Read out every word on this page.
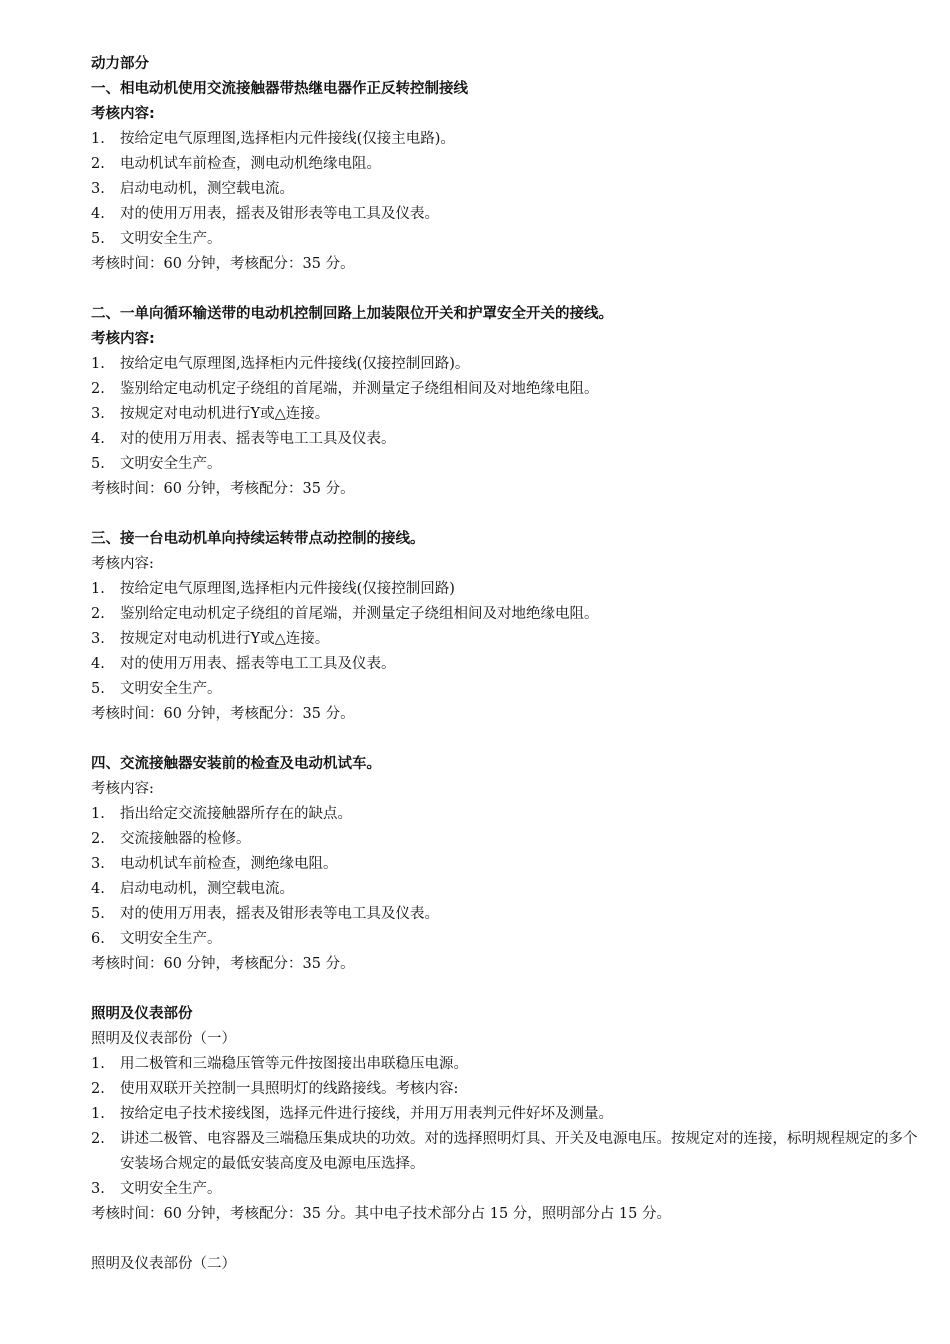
动力部分
一、相电动机使用交流接触器带热继电器作正反转控制接线
考核内容:
1.	按给定电气原理图,选择柜内元件接线(仅接主电路)。
2.	电动机试车前检查，测电动机绝缘电阻。
3.	启动电动机，测空载电流。
4.	对的使用万用表，摇表及钳形表等电工具及仪表。
5.	文明安全生产。
考核时间：60 分钟，考核配分：35 分。
二、一单向循环输送带的电动机控制回路上加装限位开关和护罩安全开关的接线。
考核内容:
1.	按给定电气原理图,选择柜内元件接线(仅接控制回路)。
2.	鉴别给定电动机定子绕组的首尾端，并测量定子绕组相间及对地绝缘电阻。
3.	按规定对电动机进行Y或△连接。
4.	对的使用万用表、摇表等电工工具及仪表。
5.	文明安全生产。
考核时间：60 分钟，考核配分：35 分。
三、接一台电动机单向持续运转带点动控制的接线。
考核内容:
1.	按给定电气原理图,选择柜内元件接线(仅接控制回路)
2.	鉴别给定电动机定子绕组的首尾端，并测量定子绕组相间及对地绝缘电阻。
3.	按规定对电动机进行Y或△连接。
4.	对的使用万用表、摇表等电工工具及仪表。
5.	文明安全生产。
考核时间：60 分钟，考核配分：35 分。
四、交流接触器安装前的检查及电动机试车。
考核内容:
1.	指出给定交流接触器所存在的缺点。
2.	交流接触器的检修。
3.	电动机试车前检查，测绝缘电阻。
4.	启动电动机，测空载电流。
5.	对的使用万用表，摇表及钳形表等电工具及仪表。
6.	文明安全生产。
考核时间：60 分钟，考核配分：35 分。
照明及仪表部份
照明及仪表部份（一）
1.	用二极管和三端稳压管等元件按图接出串联稳压电源。
2.	使用双联开关控制一具照明灯的线路接线。考核内容:
1.	按给定电子技术接线图，选择元件进行接线，并用万用表判元件好坏及测量。
2.	讲述二极管、电容器及三端稳压集成块的功效。对的选择照明灯具、开关及电源电压。按规定对的连接，标明规程规定的多个安装场合规定的最低安装高度及电源电压选择。
3.	文明安全生产。
考核时间：60 分钟，考核配分：35 分。其中电子技术部分占 15 分，照明部分占 15 分。
照明及仪表部份（二）
